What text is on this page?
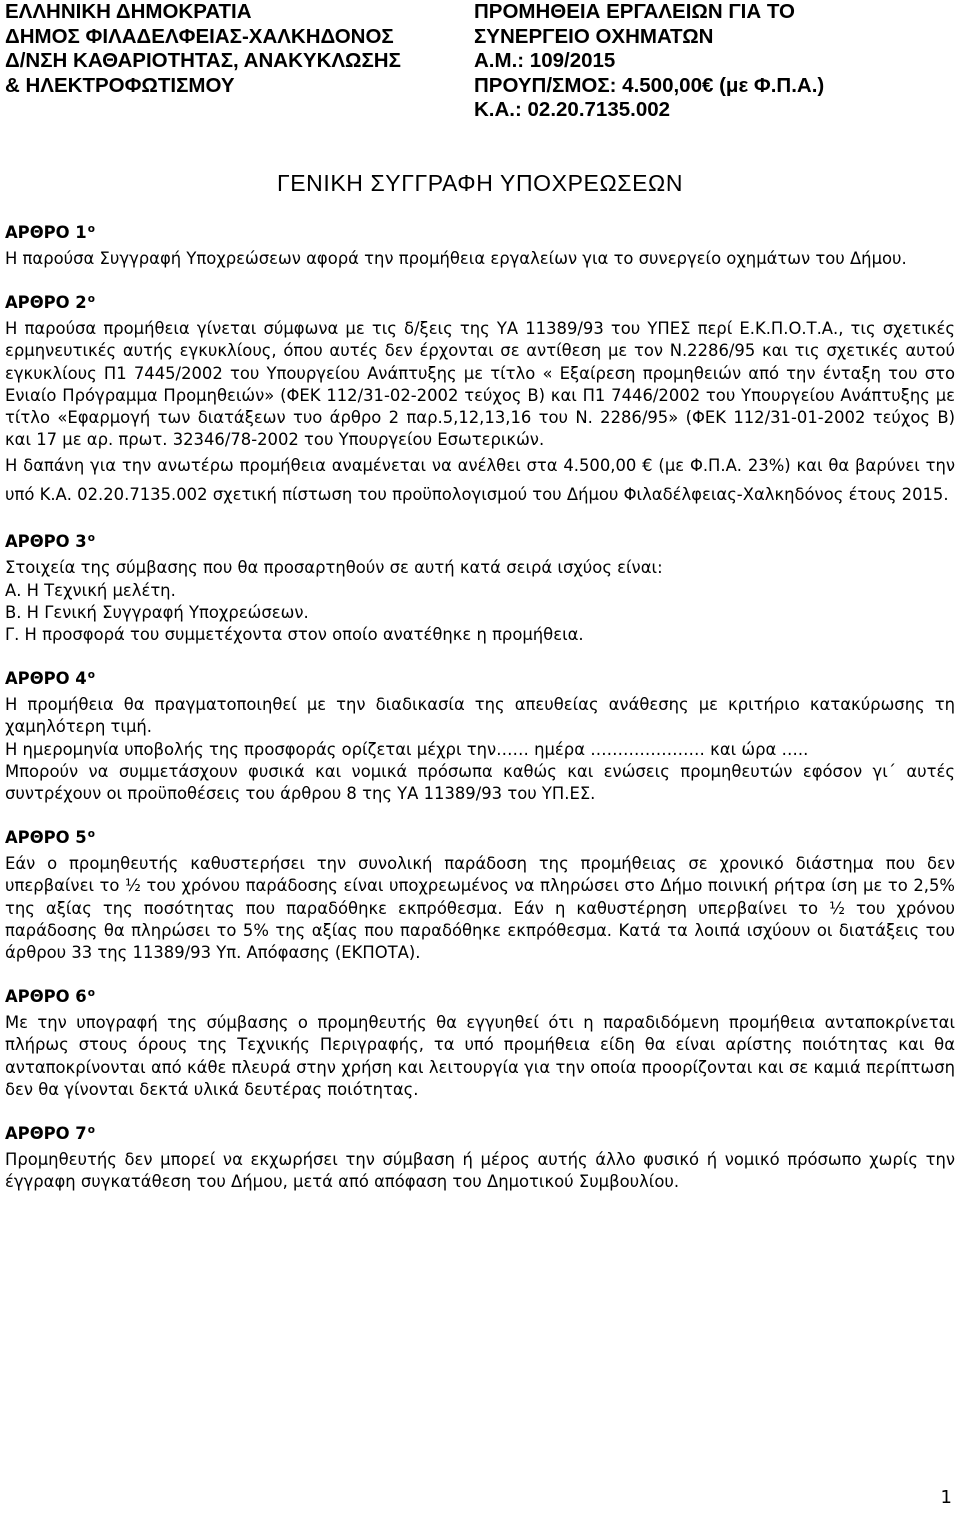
ΕΛΛΗΝΙΚΗ ΔΗΜΟΚΡΑΤΙΑ
ΔΗΜΟΣ ΦΙΛΑΔΕΛΦΕΙΑΣ-ΧΑΛΚΗΔΟΝΟΣ
Δ/ΝΣΗ ΚΑΘΑΡΙΟΤΗΤΑΣ, ΑΝΑΚΥΚΛΩΣΗΣ
& ΗΛΕΚΤΡΟΦΩΤΙΣΜΟΥ
ΠΡΟΜΗΘΕΙΑ ΕΡΓΑΛΕΙΩΝ ΓΙΑ ΤΟ
ΣΥΝΕΡΓΕΙΟ ΟΧΗΜΑΤΩΝ
Α.Μ.: 109/2015
ΠΡΟΥΠ/ΣΜΟΣ: 4.500,00€ (με Φ.Π.Α.)
Κ.Α.: 02.20.7135.002
ΓΕΝΙΚΗ ΣΥΓΓΡΑΦΗ ΥΠΟΧΡΕΩΣΕΩΝ
ΑΡΘΡΟ $1^o$

Η παρούσα Συγγραφή Υποχρεώσεων αφορά την προμήθεια εργαλείων για το συνεργείο οχημάτων του Δήμου.

ΑΡΘΡΟ $2^o$

Η παρούσα προμήθεια γίνεται σύμφωνα με τις δ/ξεις της ΥΑ 11389/93 του ΥΠΕΣ περί Ε.Κ.Π.Ο.Τ.Α., τις σχετικές ερμηνευτικές αυτής εγκυκλίους, όπου αυτές δεν έρχονται σε αντίθεση με τον Ν.2286/95 και τις σχετικές αυτού εγκυκλίους Π1 7445/2002 του Υπουργείου Ανάπτυξης με τίτλο « Εξαίρεση προμηθειών από την ένταξη του στο Ενιαίο Πρόγραμμα Προμηθειών» (ΦΕΚ 112/31-02-2002 τεύχος Β) και Π1 7446/2002 του Υπουργείου Ανάπτυξης με τίτλο «Εφαρμογή των διατάξεων τυο άρθρο 2 παρ.5,12,13,16 του Ν. 2286/95» (ΦΕΚ 112/31-01-2002 τεύχος Β) και 17 με αρ. πρωτ. 32346/78-2002 του Υπουργείου Εσωτερικών.

Η δαπάνη για την ανωτέρω προμήθεια αναμένεται να ανέλθει στα 4.500,00 € (με Φ.Π.Α. 23%) και θα βαρύνει την υπό Κ.Α. 02.20.7135.002 σχετική πίστωση του προϋπολογισμού του Δήμου Φιλαδέλφειας-Χαλκηδόνος έτους 2015.

ΑΡΘΡΟ $3^o$

Στοιχεία της σύμβασης που θα προσαρτηθούν σε αυτή κατά σειρά ισχύος είναι:

Α. Η Τεχνική μελέτη.

Β. Η Γενική Συγγραφή Υποχρεώσεων.

Γ. Η προσφορά του συμμετέχοντα στον οποίο ανατέθηκε η προμήθεια.

ΑΡΘΡΟ $4^o$

Η προμήθεια θα πραγματοποιηθεί με την διαδικασία της απευθείας ανάθεσης με κριτήριο κατακύρωσης τη χαμηλότερη τιμή.

Η ημερομηνία υποβολής της προσφοράς ορίζεται μέχρι την…… ημέρα ………………… και ώρα …..

Μπορούν να συμμετάσχουν φυσικά και νομικά πρόσωπα καθώς και ενώσεις προμηθευτών εφόσον γι΄ αυτές συντρέχουν οι προϋποθέσεις του άρθρου 8 της ΥΑ 11389/93 του ΥΠ.ΕΣ.

ΑΡΘΡΟ $5^o$

Εάν ο προμηθευτής καθυστερήσει την συνολική παράδοση της προμήθειας σε χρονικό διάστημα που δεν υπερβαίνει το ½ του χρόνου παράδοσης είναι υποχρεωμένος να πληρώσει στο Δήμο ποινική ρήτρα ίση με το 2,5% της αξίας της ποσότητας που παραδόθηκε εκπρόθεσμα. Εάν η καθυστέρηση υπερβαίνει το ½ του χρόνου παράδοσης θα πληρώσει το 5% της αξίας που παραδόθηκε εκπρόθεσμα. Κατά τα λοιπά ισχύουν οι διατάξεις του άρθρου 33 της 11389/93 Υπ. Απόφασης (ΕΚΠΟΤΑ).

ΑΡΘΡΟ $6^o$

Με την υπογραφή της σύμβασης ο προμηθευτής θα εγγυηθεί ότι η παραδιδόμενη προμήθεια ανταποκρίνεται πλήρως στους όρους της Τεχνικής Περιγραφής, τα υπό προμήθεια είδη θα είναι αρίστης ποιότητας και θα ανταποκρίνονται από κάθε πλευρά στην χρήση και λειτουργία για την οποία προορίζονται και σε καμιά περίπτωση δεν θα γίνονται δεκτά υλικά δευτέρας ποιότητας.

ΑΡΘΡΟ $7^o$

Προμηθευτής δεν μπορεί να εκχωρήσει την σύμβαση ή μέρος αυτής άλλο φυσικό ή νομικό πρόσωπο χωρίς την έγγραφη συγκατάθεση του Δήμου, μετά από απόφαση του Δημοτικού Συμβουλίου.

1
